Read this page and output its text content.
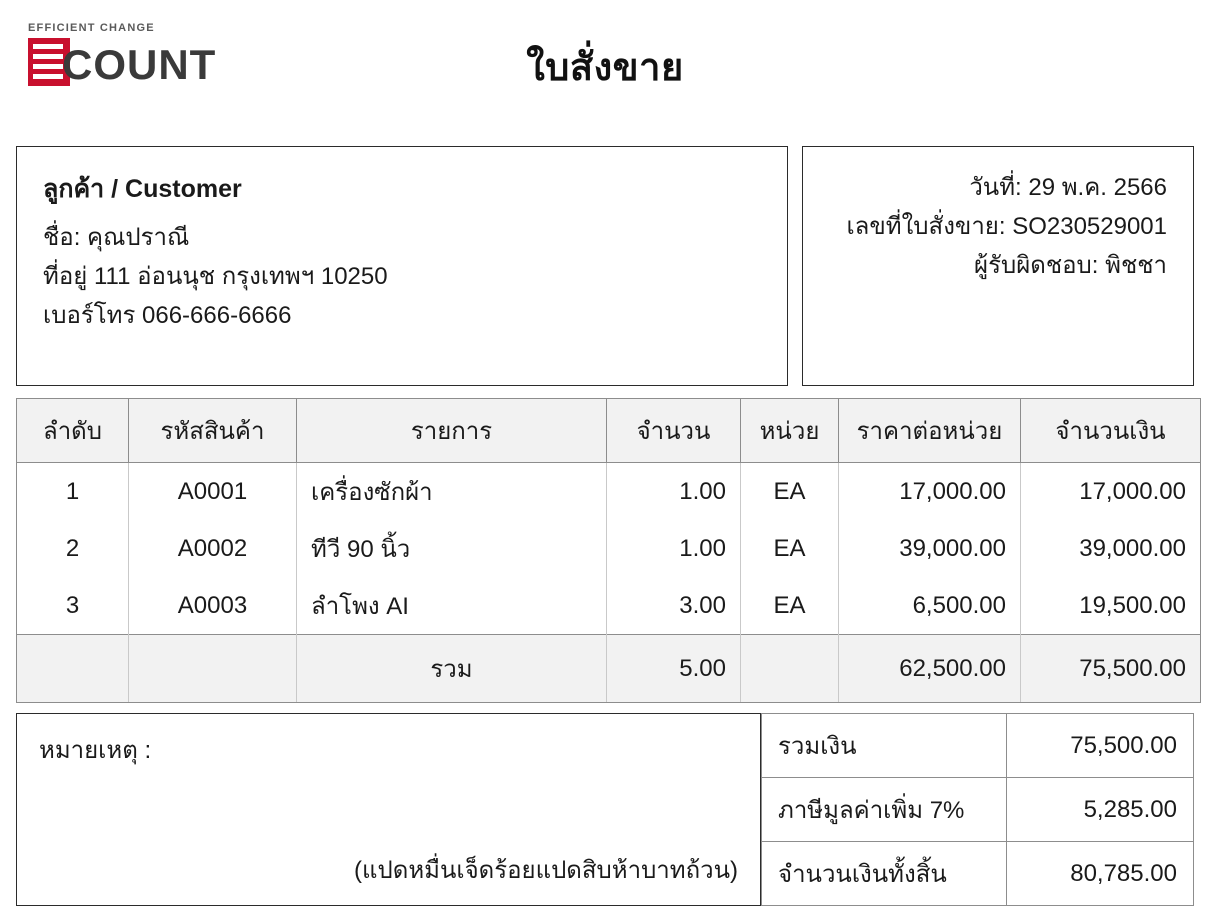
EFFICIENT CHANGE
COUNT	ใบสั่งขาย
ลูกค้า / Customer
ชื่อ: คุณปราณี
ที่อยู่ 111 อ่อนนุช กรุงเทพฯ 10250
เบอร์โทร 066-666-6666
วันที่: 29 พ.ค. 2566
เลขที่ใบสั่งขาย: SO230529001
ผู้รับผิดชอบ: พิชชา
ลำดับ	รหัสสินค้า	รายการ	จำนวน	หน่วย	ราคาต่อหน่วย	จำนวนเงิน
1	A0001	เครื่องซักผ้า	1.00	EA	17,000.00	17,000.00
2	A0002	ทีวี 90 นิ้ว	1.00	EA	39,000.00	39,000.00
3	A0003	ลำโพง AI	3.00	EA	6,500.00	19,500.00
		รวม	5.00		62,500.00	75,500.00
หมายเหตุ :
(แปดหมื่นเจ็ดร้อยแปดสิบห้าบาทถ้วน)
รวมเงิน	75,500.00
ภาษีมูลค่าเพิ่ม 7%	5,285.00
จำนวนเงินทั้งสิ้น	80,785.00
